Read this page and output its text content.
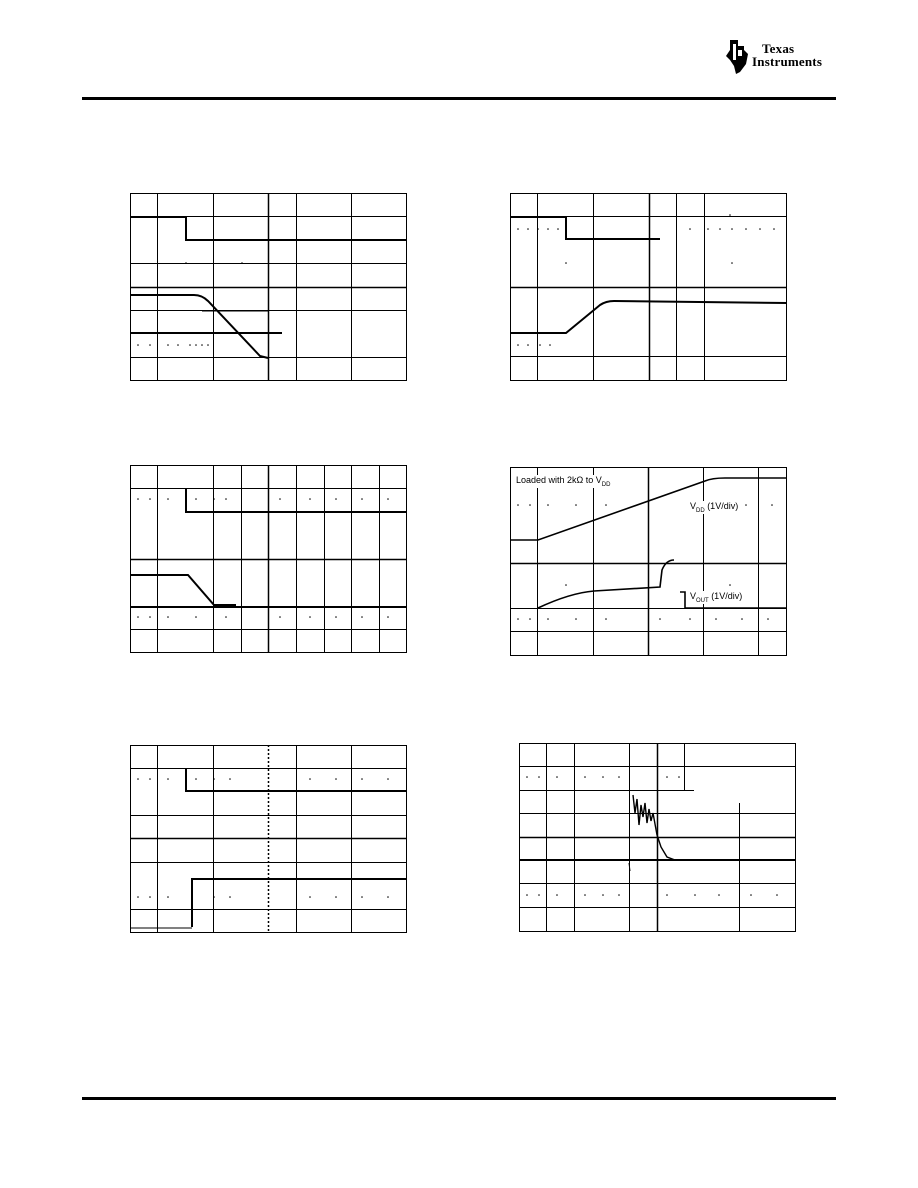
Texas
Instruments
Loaded with 2kΩ to $V_{DD}$
$V_{DD}$ (1V/div)
$V_{OUT}$ (1V/div)
